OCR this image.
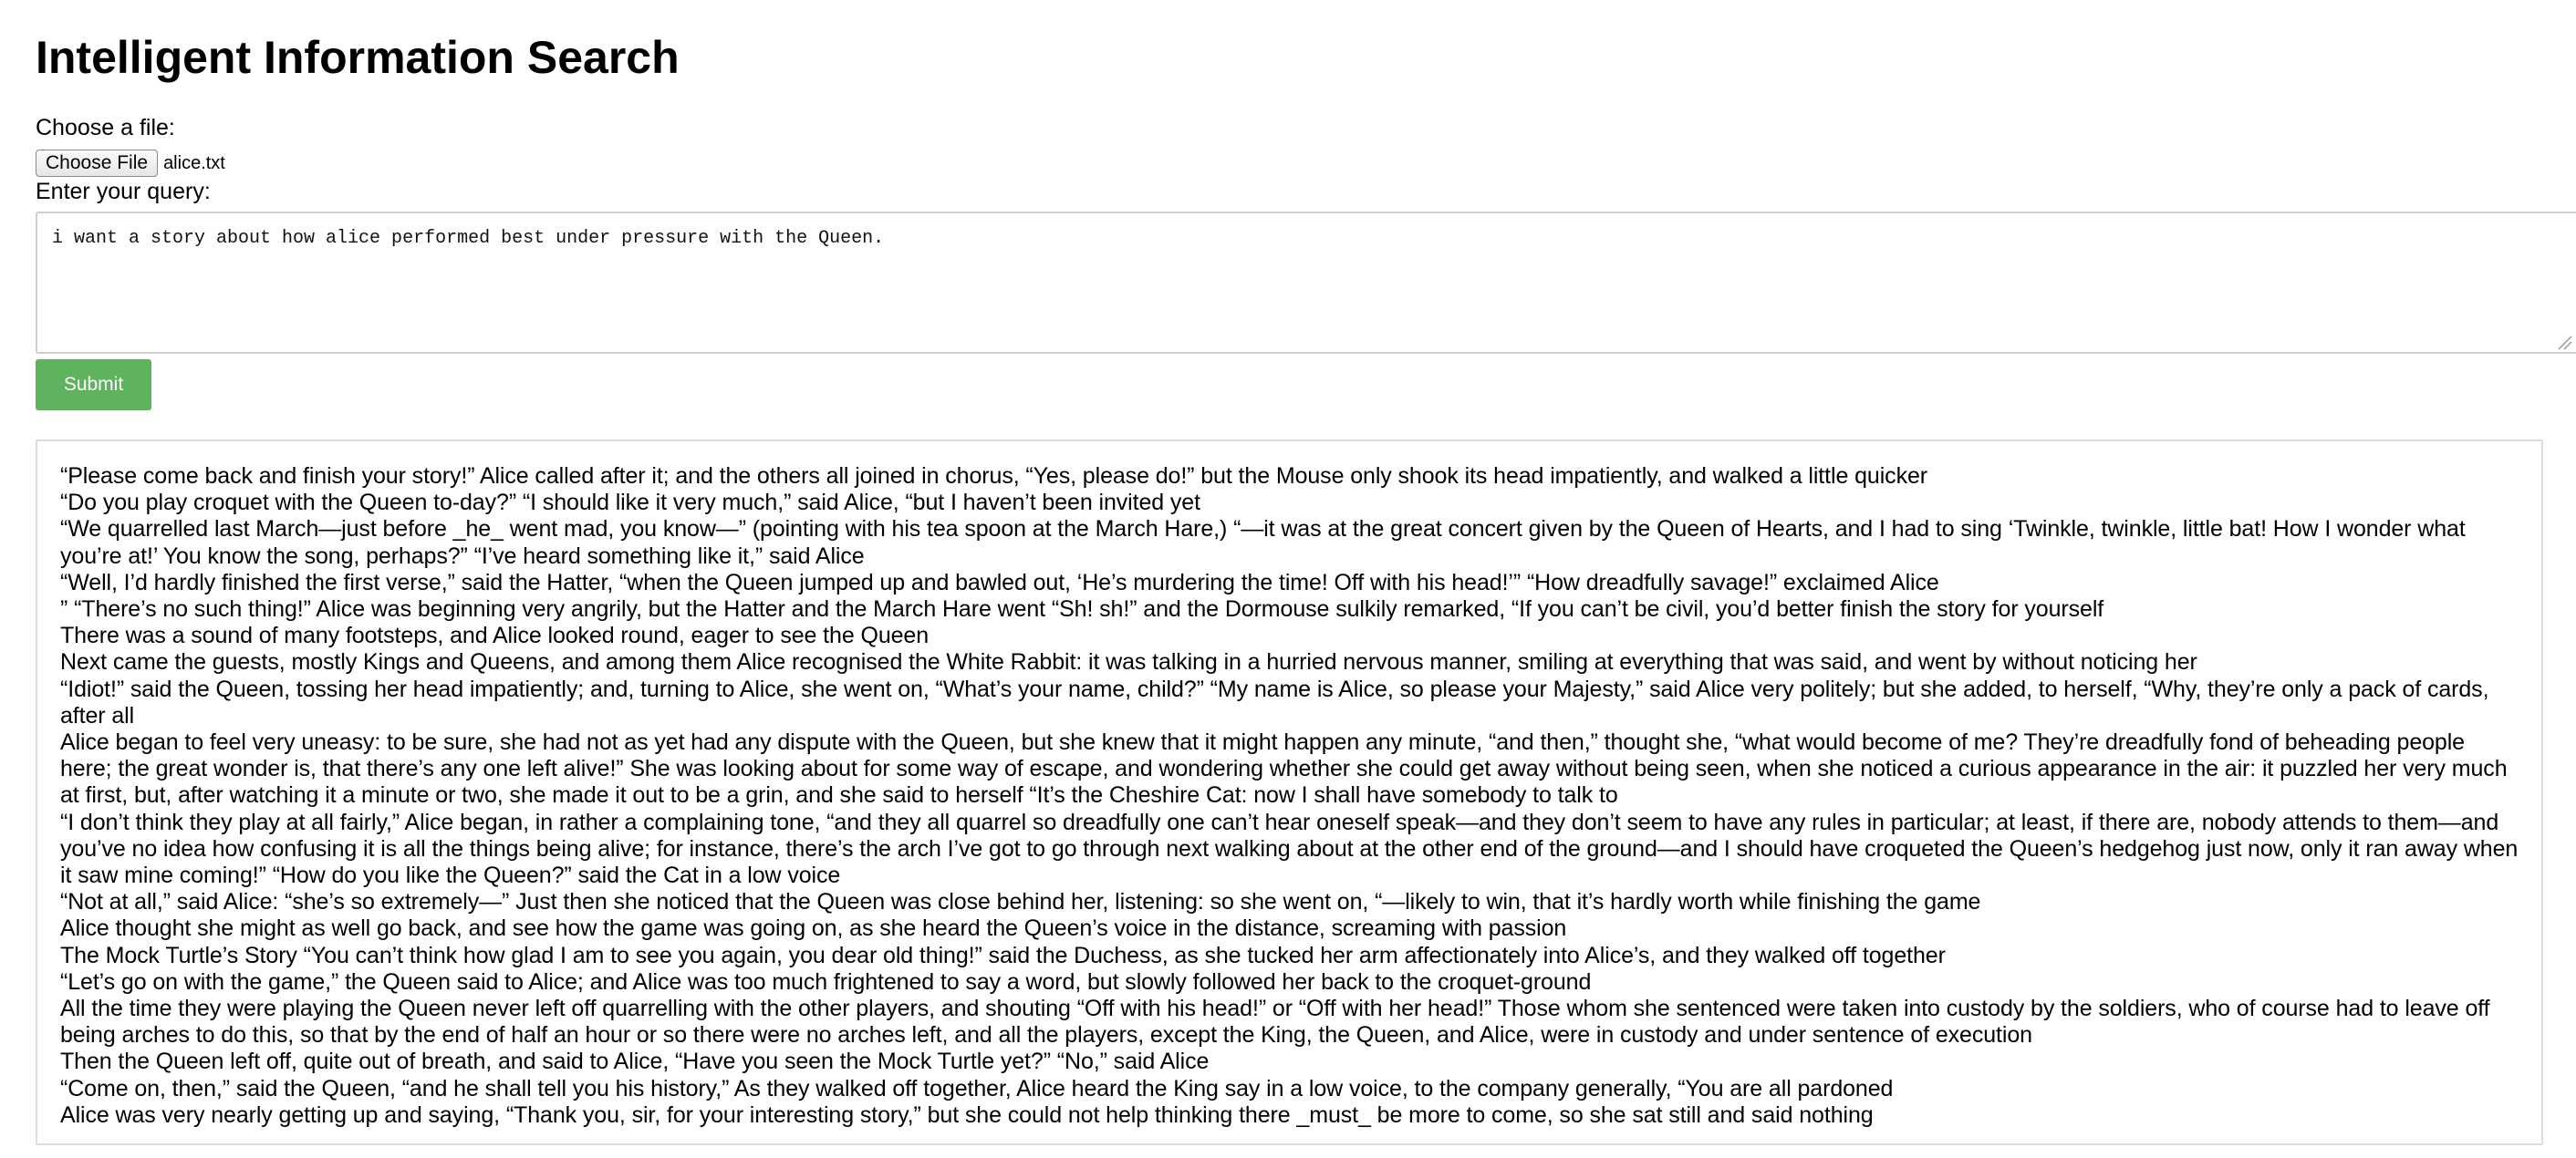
Intelligent Information Search
Choose a file:
Choose File alice.txt
Enter your query:
i want a story about how alice performed best under pressure with the Queen.
Submit
“Please come back and finish your story!” Alice called after it; and the others all joined in chorus, “Yes, please do!” but the Mouse only shook its head impatiently, and walked a little quicker
“Do you play croquet with the Queen to-day?” “I should like it very much,” said Alice, “but I haven’t been invited yet
“We quarrelled last March—just before _he_ went mad, you know—” (pointing with his tea spoon at the March Hare,) “—it was at the great concert given by the Queen of Hearts, and I had to sing ‘Twinkle, twinkle, little bat! How I wonder what you’re at!’ You know the song, perhaps?” “I’ve heard something like it,” said Alice
“Well, I’d hardly finished the first verse,” said the Hatter, “when the Queen jumped up and bawled out, ‘He’s murdering the time! Off with his head!’” “How dreadfully savage!” exclaimed Alice
” “There’s no such thing!” Alice was beginning very angrily, but the Hatter and the March Hare went “Sh! sh!” and the Dormouse sulkily remarked, “If you can’t be civil, you’d better finish the story for yourself
There was a sound of many footsteps, and Alice looked round, eager to see the Queen
Next came the guests, mostly Kings and Queens, and among them Alice recognised the White Rabbit: it was talking in a hurried nervous manner, smiling at everything that was said, and went by without noticing her
“Idiot!” said the Queen, tossing her head impatiently; and, turning to Alice, she went on, “What’s your name, child?” “My name is Alice, so please your Majesty,” said Alice very politely; but she added, to herself, “Why, they’re only a pack of cards, after all
Alice began to feel very uneasy: to be sure, she had not as yet had any dispute with the Queen, but she knew that it might happen any minute, “and then,” thought she, “what would become of me? They’re dreadfully fond of beheading people here; the great wonder is, that there’s any one left alive!” She was looking about for some way of escape, and wondering whether she could get away without being seen, when she noticed a curious appearance in the air: it puzzled her very much at first, but, after watching it a minute or two, she made it out to be a grin, and she said to herself “It’s the Cheshire Cat: now I shall have somebody to talk to
“I don’t think they play at all fairly,” Alice began, in rather a complaining tone, “and they all quarrel so dreadfully one can’t hear oneself speak—and they don’t seem to have any rules in particular; at least, if there are, nobody attends to them—and you’ve no idea how confusing it is all the things being alive; for instance, there’s the arch I’ve got to go through next walking about at the other end of the ground—and I should have croqueted the Queen’s hedgehog just now, only it ran away when it saw mine coming!” “How do you like the Queen?” said the Cat in a low voice
“Not at all,” said Alice: “she’s so extremely—” Just then she noticed that the Queen was close behind her, listening: so she went on, “—likely to win, that it’s hardly worth while finishing the game
Alice thought she might as well go back, and see how the game was going on, as she heard the Queen’s voice in the distance, screaming with passion
The Mock Turtle’s Story “You can’t think how glad I am to see you again, you dear old thing!” said the Duchess, as she tucked her arm affectionately into Alice’s, and they walked off together
“Let’s go on with the game,” the Queen said to Alice; and Alice was too much frightened to say a word, but slowly followed her back to the croquet-ground
All the time they were playing the Queen never left off quarrelling with the other players, and shouting “Off with his head!” or “Off with her head!” Those whom she sentenced were taken into custody by the soldiers, who of course had to leave off being arches to do this, so that by the end of half an hour or so there were no arches left, and all the players, except the King, the Queen, and Alice, were in custody and under sentence of execution
Then the Queen left off, quite out of breath, and said to Alice, “Have you seen the Mock Turtle yet?” “No,” said Alice
“Come on, then,” said the Queen, “and he shall tell you his history,” As they walked off together, Alice heard the King say in a low voice, to the company generally, “You are all pardoned
Alice was very nearly getting up and saying, “Thank you, sir, for your interesting story,” but she could not help thinking there _must_ be more to come, so she sat still and said nothing
